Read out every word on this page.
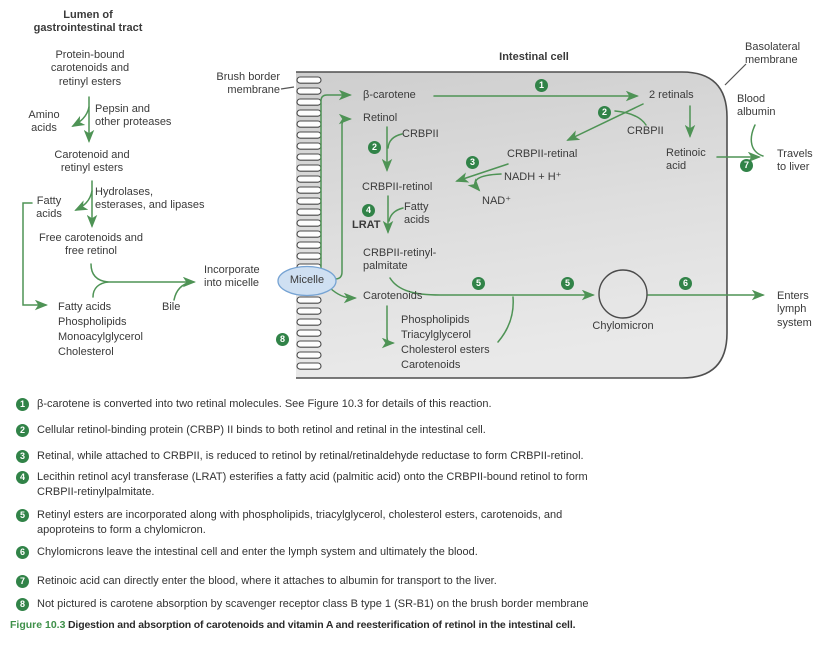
Lumen of
gastrointestinal tract
Protein-bound
carotenoids and
retinyl esters
Amino
acids
Pepsin and
other proteases
Carotenoid and
retinyl esters
Fatty
acids
Hydrolases,
esterases, and lipases
Free carotenoids and
free retinol
Incorporate
into micelle
Bile
Fatty acids
Phospholipids
Monoacylglycerol
Cholesterol
Intestinal cell
Brush border
membrane
Basolateral
membrane
Micelle
β-carotene	2 retinals
Retinol
CRBPII	CRBPII
CRBPII-retinal
NADH + H⁺
NAD⁺
CRBPII-retinol
LRAT
Fatty
acids
CRBPII-retinyl-
palmitate
Carotenoids
Phospholipids
Triacylglycerol
Cholesterol esters
Carotenoids
Chylomicron
Retinoic
acid
Blood
albumin
Travels
to liver
Enters
lymph
system
1
2
2
3
4
5	5	6
7
8
1	β-carotene is converted into two retinal molecules. See Figure 10.3 for details of this reaction.
2	Cellular retinol-binding protein (CRBP) II binds to both retinol and retinal in the intestinal cell.
3	Retinal, while attached to CRBPII, is reduced to retinol by retinal/retinaldehyde reductase to form CRBPII-retinol.
4	Lecithin retinol acyl transferase (LRAT) esterifies a fatty acid (palmitic acid) onto the CRBPII-bound retinol to form
CRBPII-retinylpalmitate.
5	Retinyl esters are incorporated along with phospholipids, triacylglycerol, cholesterol esters, carotenoids, and
apoproteins to form a chylomicron.
6	Chylomicrons leave the intestinal cell and enter the lymph system and ultimately the blood.
7	Retinoic acid can directly enter the blood, where it attaches to albumin for transport to the liver.
8	Not pictured is carotene absorption by scavenger receptor class B type 1 (SR-B1) on the brush border membrane
Figure 10.3 Digestion and absorption of carotenoids and vitamin A and reesterification of retinol in the intestinal cell.
